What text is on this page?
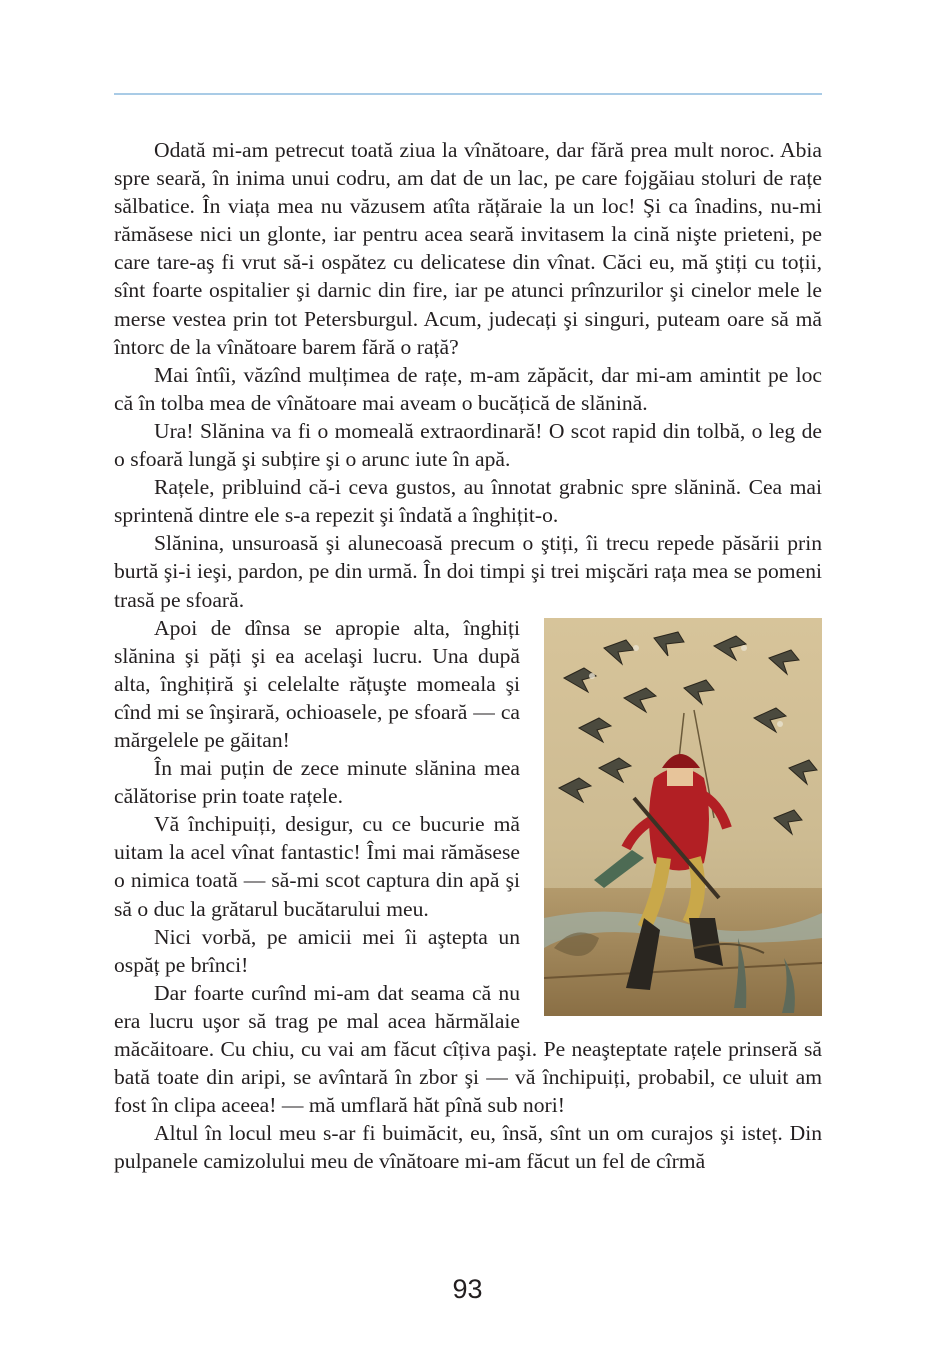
Odată mi-am petrecut toată ziua la vînătoare, dar fără prea mult noroc. Abia spre seară, în inima unui codru, am dat de un lac, pe care fojgăiau stoluri de rațe sălbatice. În viața mea nu văzusem atîta rățăraie la un loc! Şi ca înadins, nu-mi rămăsese nici un glonte, iar pentru acea seară invitasem la cină nişte prieteni, pe care tare-aş fi vrut să-i ospătez cu delicatese din vînat. Căci eu, mă ştiți cu toții, sînt foarte ospitalier şi darnic din fire, iar pe atunci prînzurilor şi cinelor mele le merse vestea prin tot Petersburgul. Acum, judecați şi singuri, puteam oare să mă întorc de la vînătoare barem fără o rață?

Mai întîi, văzînd mulțimea de rațe, m-am zăpăcit, dar mi-am amintit pe loc că în tolba mea de vînătoare mai aveam o bucățică de slănină.

Ura! Slănina va fi o momeală extraordinară! O scot rapid din tolbă, o leg de o sfoară lungă şi subțire şi o arunc iute în apă.

Rațele, pribluind că-i ceva gustos, au înnotat grabnic spre slănină. Cea mai sprintenă dintre ele s-a repezit şi îndată a înghițit-o.

Slănina, unsuroasă şi alunecoasă precum o ştiți, îi trecu repede păsării prin burtă şi-i ieşi, pardon, pe din urmă. În doi timpi şi trei mişcări rața mea se pomeni trasă pe sfoară.

Apoi de dînsa se apropie alta, înghiți slănina şi păți şi ea acelaşi lucru. Una după alta, înghițiră şi celelalte rățuşte momeala şi cînd mi se înşirară, ochioasele, pe sfoară — ca mărgelele pe găitan!

În mai puțin de zece minute slănina mea călătorise prin toate rațele.

Vă închipuiți, desigur, cu ce bucurie mă uitam la acel vînat fantastic! Îmi mai rămăsese o nimica toată — să-mi scot captura din apă şi să o duc la grătarul bucătarului meu.

Nici vorbă, pe amicii mei îi aştepta un ospăț pe brînci!

Dar foarte curînd mi-am dat seama că nu era lucru uşor să trag pe mal acea hărmălaie măcăitoare. Cu chiu, cu vai am făcut cîțiva paşi. Pe neaşteptate rațele prinseră să bată toate din aripi, se avîntară în zbor şi — vă închipuiți, probabil, ce uluit am fost în clipa aceea! — mă umflară hăt pînă sub nori!

Altul în locul meu s-ar fi buimăcit, eu, însă, sînt un om curajos şi isteț. Din pulpanele camizolului meu de vînătoare mi-am făcut un fel de cîrmă

93
